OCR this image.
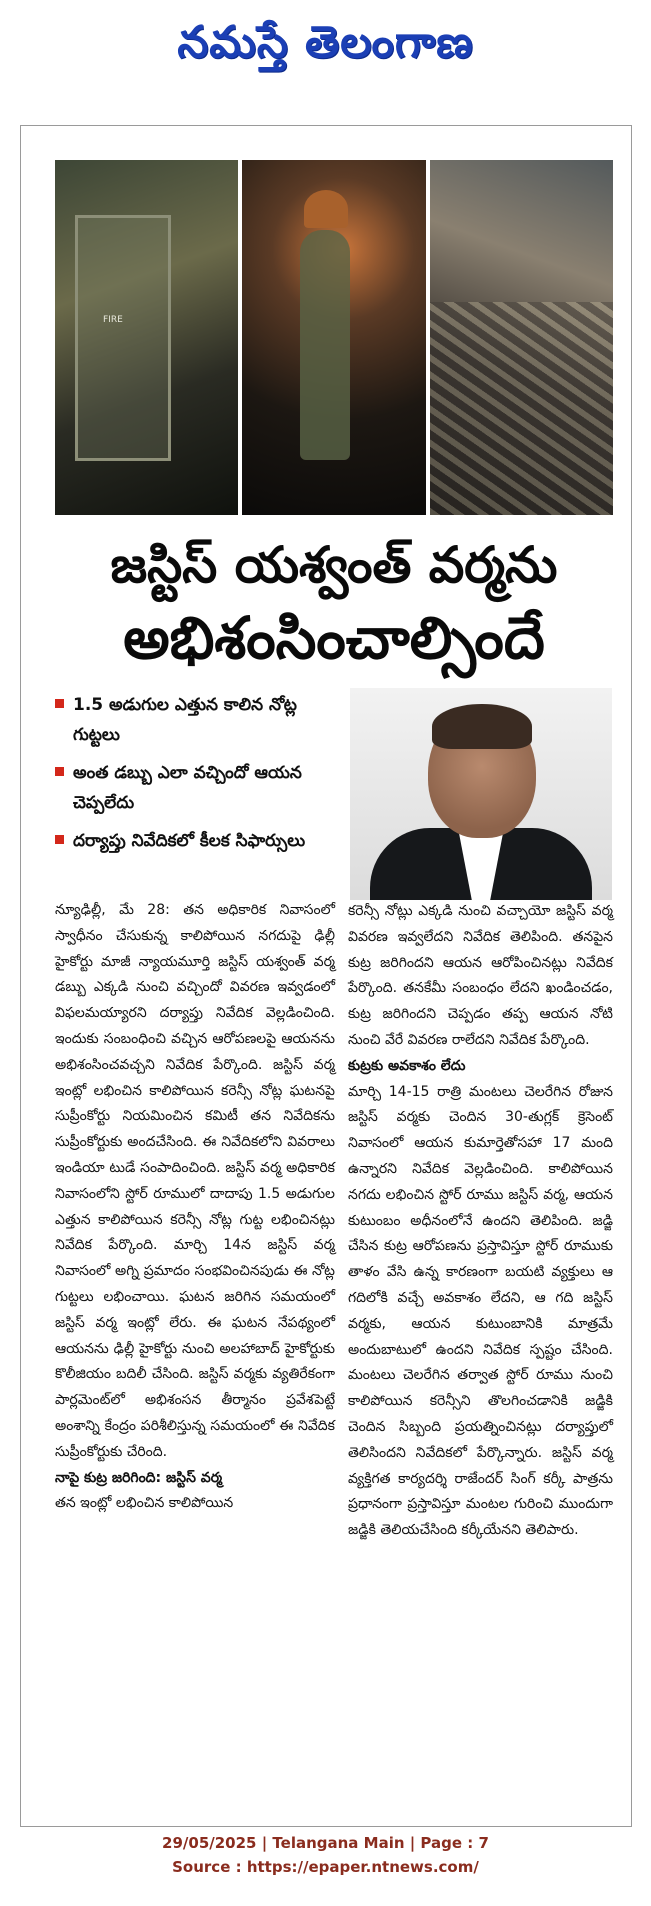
నమస్తే తెలంగాణ
FIRE
జస్టిస్ యశ్వంత్ వర్మను
అభిశంసించాల్సిందే
1.5 అడుగుల ఎత్తున కాలిన నోట్ల గుట్టలు
అంత డబ్బు ఎలా వచ్చిందో ఆయన చెప్పలేదు
దర్యాప్తు నివేదికలో కీలక సిఫార్సులు

న్యూఢిల్లీ, మే 28: తన అధికారిక నివాసంలో స్వాధీనం చేసుకున్న కాలిపోయిన నగదుపై ఢిల్లీ హైకోర్టు మాజీ న్యాయమూర్తి జస్టిస్ యశ్వంత్ వర్మ డబ్బు ఎక్కడి నుంచి వచ్చిందో వివరణ ఇవ్వడంలో విఫలమయ్యారని దర్యాప్తు నివేదిక వెల్లడించింది. ఇందుకు సంబంధించి వచ్చిన ఆరోపణలపై ఆయనను అభిశంసించవచ్చని నివేదిక పేర్కొంది. జస్టిస్ వర్మ ఇంట్లో లభించిన కాలిపోయిన కరెన్సీ నోట్ల ఘటనపై సుప్రీంకోర్టు నియమించిన కమిటీ తన నివేదికను సుప్రీంకోర్టుకు అందచేసింది. ఈ నివేదికలోని వివరాలు ఇండియా టుడే సంపాదించింది. జస్టిస్ వర్మ అధికారిక నివాసంలోని స్టోర్ రూములో దాదాపు 1.5 అడుగుల ఎత్తున కాలిపోయిన కరెన్సీ నోట్ల గుట్ట లభించినట్లు నివేదిక పేర్కొంది. మార్చి 14న జస్టిస్ వర్మ నివాసంలో అగ్ని ప్రమాదం సంభవించినపుడు ఈ నోట్ల గుట్టలు లభించాయి. ఘటన జరిగిన సమయంలో జస్టిస్ వర్మ ఇంట్లో లేరు. ఈ ఘటన నేపథ్యంలో ఆయనను ఢిల్లీ హైకోర్టు నుంచి అలహాబాద్ హైకోర్టుకు కొలీజియం బదిలీ చేసింది. జస్టిస్ వర్మకు వ్యతిరేకంగా పార్లమెంట్‌లో అభిశంసన తీర్మానం ప్రవేశపెట్టే అంశాన్ని కేంద్రం పరిశీలిస్తున్న సమయంలో ఈ నివేదిక సుప్రీంకోర్టుకు చేరింది.

నాపై కుట్ర జరిగింది: జస్టిస్ వర్మ

తన ఇంట్లో లభించిన కాలిపోయిన

కరెన్సీ నోట్లు ఎక్కడి నుంచి వచ్చాయో జస్టిస్ వర్మ వివరణ ఇవ్వలేదని నివేదిక తెలిపింది. తనపైన కుట్ర జరిగిందని ఆయన ఆరోపించినట్లు నివేదిక పేర్కొంది. తనకేమీ సంబంధం లేదని ఖండించడం, కుట్ర జరిగిందని చెప్పడం తప్ప ఆయన నోటి నుంచి వేరే వివరణ రాలేదని నివేదిక పేర్కొంది.

కుట్రకు అవకాశం లేదు

మార్చి 14-15 రాత్రి మంటలు చెలరేగిన రోజున జస్టిస్ వర్మకు చెందిన 30-తుగ్లక్ క్రెసెంట్ నివాసంలో ఆయన కుమార్తెతోసహా 17 మంది ఉన్నారని నివేదిక వెల్లడించింది. కాలిపోయిన నగదు లభించిన స్టోర్ రూము జస్టిస్ వర్మ, ఆయన కుటుంబం అధీనంలోనే ఉందని తెలిపింది. జడ్జి చేసిన కుట్ర ఆరోపణను ప్రస్తావిస్తూ స్టోర్ రూముకు తాళం వేసి ఉన్న కారణంగా బయటి వ్యక్తులు ఆ గదిలోకి వచ్చే అవకాశం లేదని, ఆ గది జస్టిస్ వర్మకు, ఆయన కుటుంబానికి మాత్రమే అందుబాటులో ఉందని నివేదిక స్పష్టం చేసింది. మంటలు చెలరేగిన తర్వాత స్టోర్ రూము నుంచి కాలిపోయిన కరెన్సీని తొలగించడానికి జడ్జికి చెందిన సిబ్బంది ప్రయత్నించినట్లు దర్యాప్తులో తెలిసిందని నివేదికలో పేర్కొన్నారు. జస్టిస్ వర్మ వ్యక్తిగత కార్యదర్శి రాజేందర్ సింగ్ కర్కీ పాత్రను ప్రధానంగా ప్రస్తావిస్తూ మంటల గురించి ముందుగా జడ్జికి తెలియచేసింది కర్కీయేనని తెలిపారు.

29/05/2025 | Telangana Main | Page : 7
Source : https://epaper.ntnews.com/
